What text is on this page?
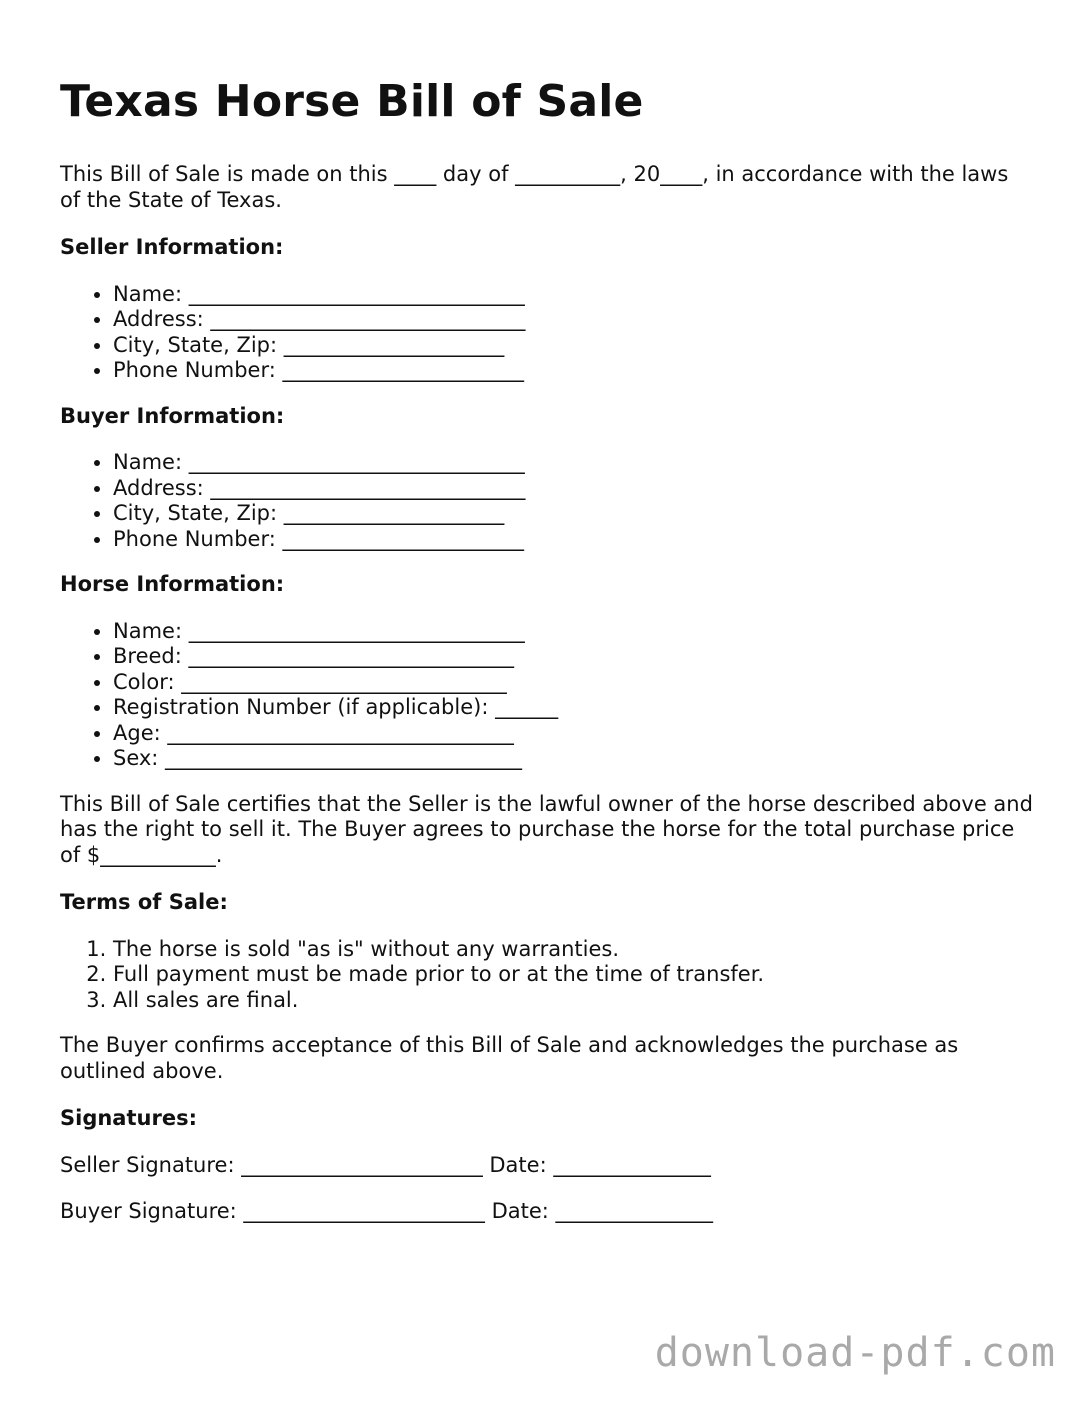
Texas Horse Bill of Sale

This Bill of Sale is made on this ____ day of __________, 20____, in accordance with the laws of the State of Texas.

Seller Information:
• Name: ________________________________
• Address: ______________________________
• City, State, Zip: _____________________
• Phone Number: _______________________
Buyer Information:
• Name: ________________________________
• Address: ______________________________
• City, State, Zip: _____________________
• Phone Number: _______________________
Horse Information:
• Name: ________________________________
• Breed: _______________________________
• Color: _______________________________
• Registration Number (if applicable): ______
• Age: _________________________________
• Sex: __________________________________

This Bill of Sale certifies that the Seller is the lawful owner of the horse described above and has the right to sell it. The Buyer agrees to purchase the horse for the total purchase price of $___________.

Terms of Sale:
1. The horse is sold "as is" without any warranties.
2. Full payment must be made prior to or at the time of transfer.
3. All sales are final.

The Buyer confirms acceptance of this Bill of Sale and acknowledges the purchase as outlined above.

Signatures:
Seller Signature: _______________________ Date: _______________
Buyer Signature: _______________________ Date: _______________
download-pdf.com
